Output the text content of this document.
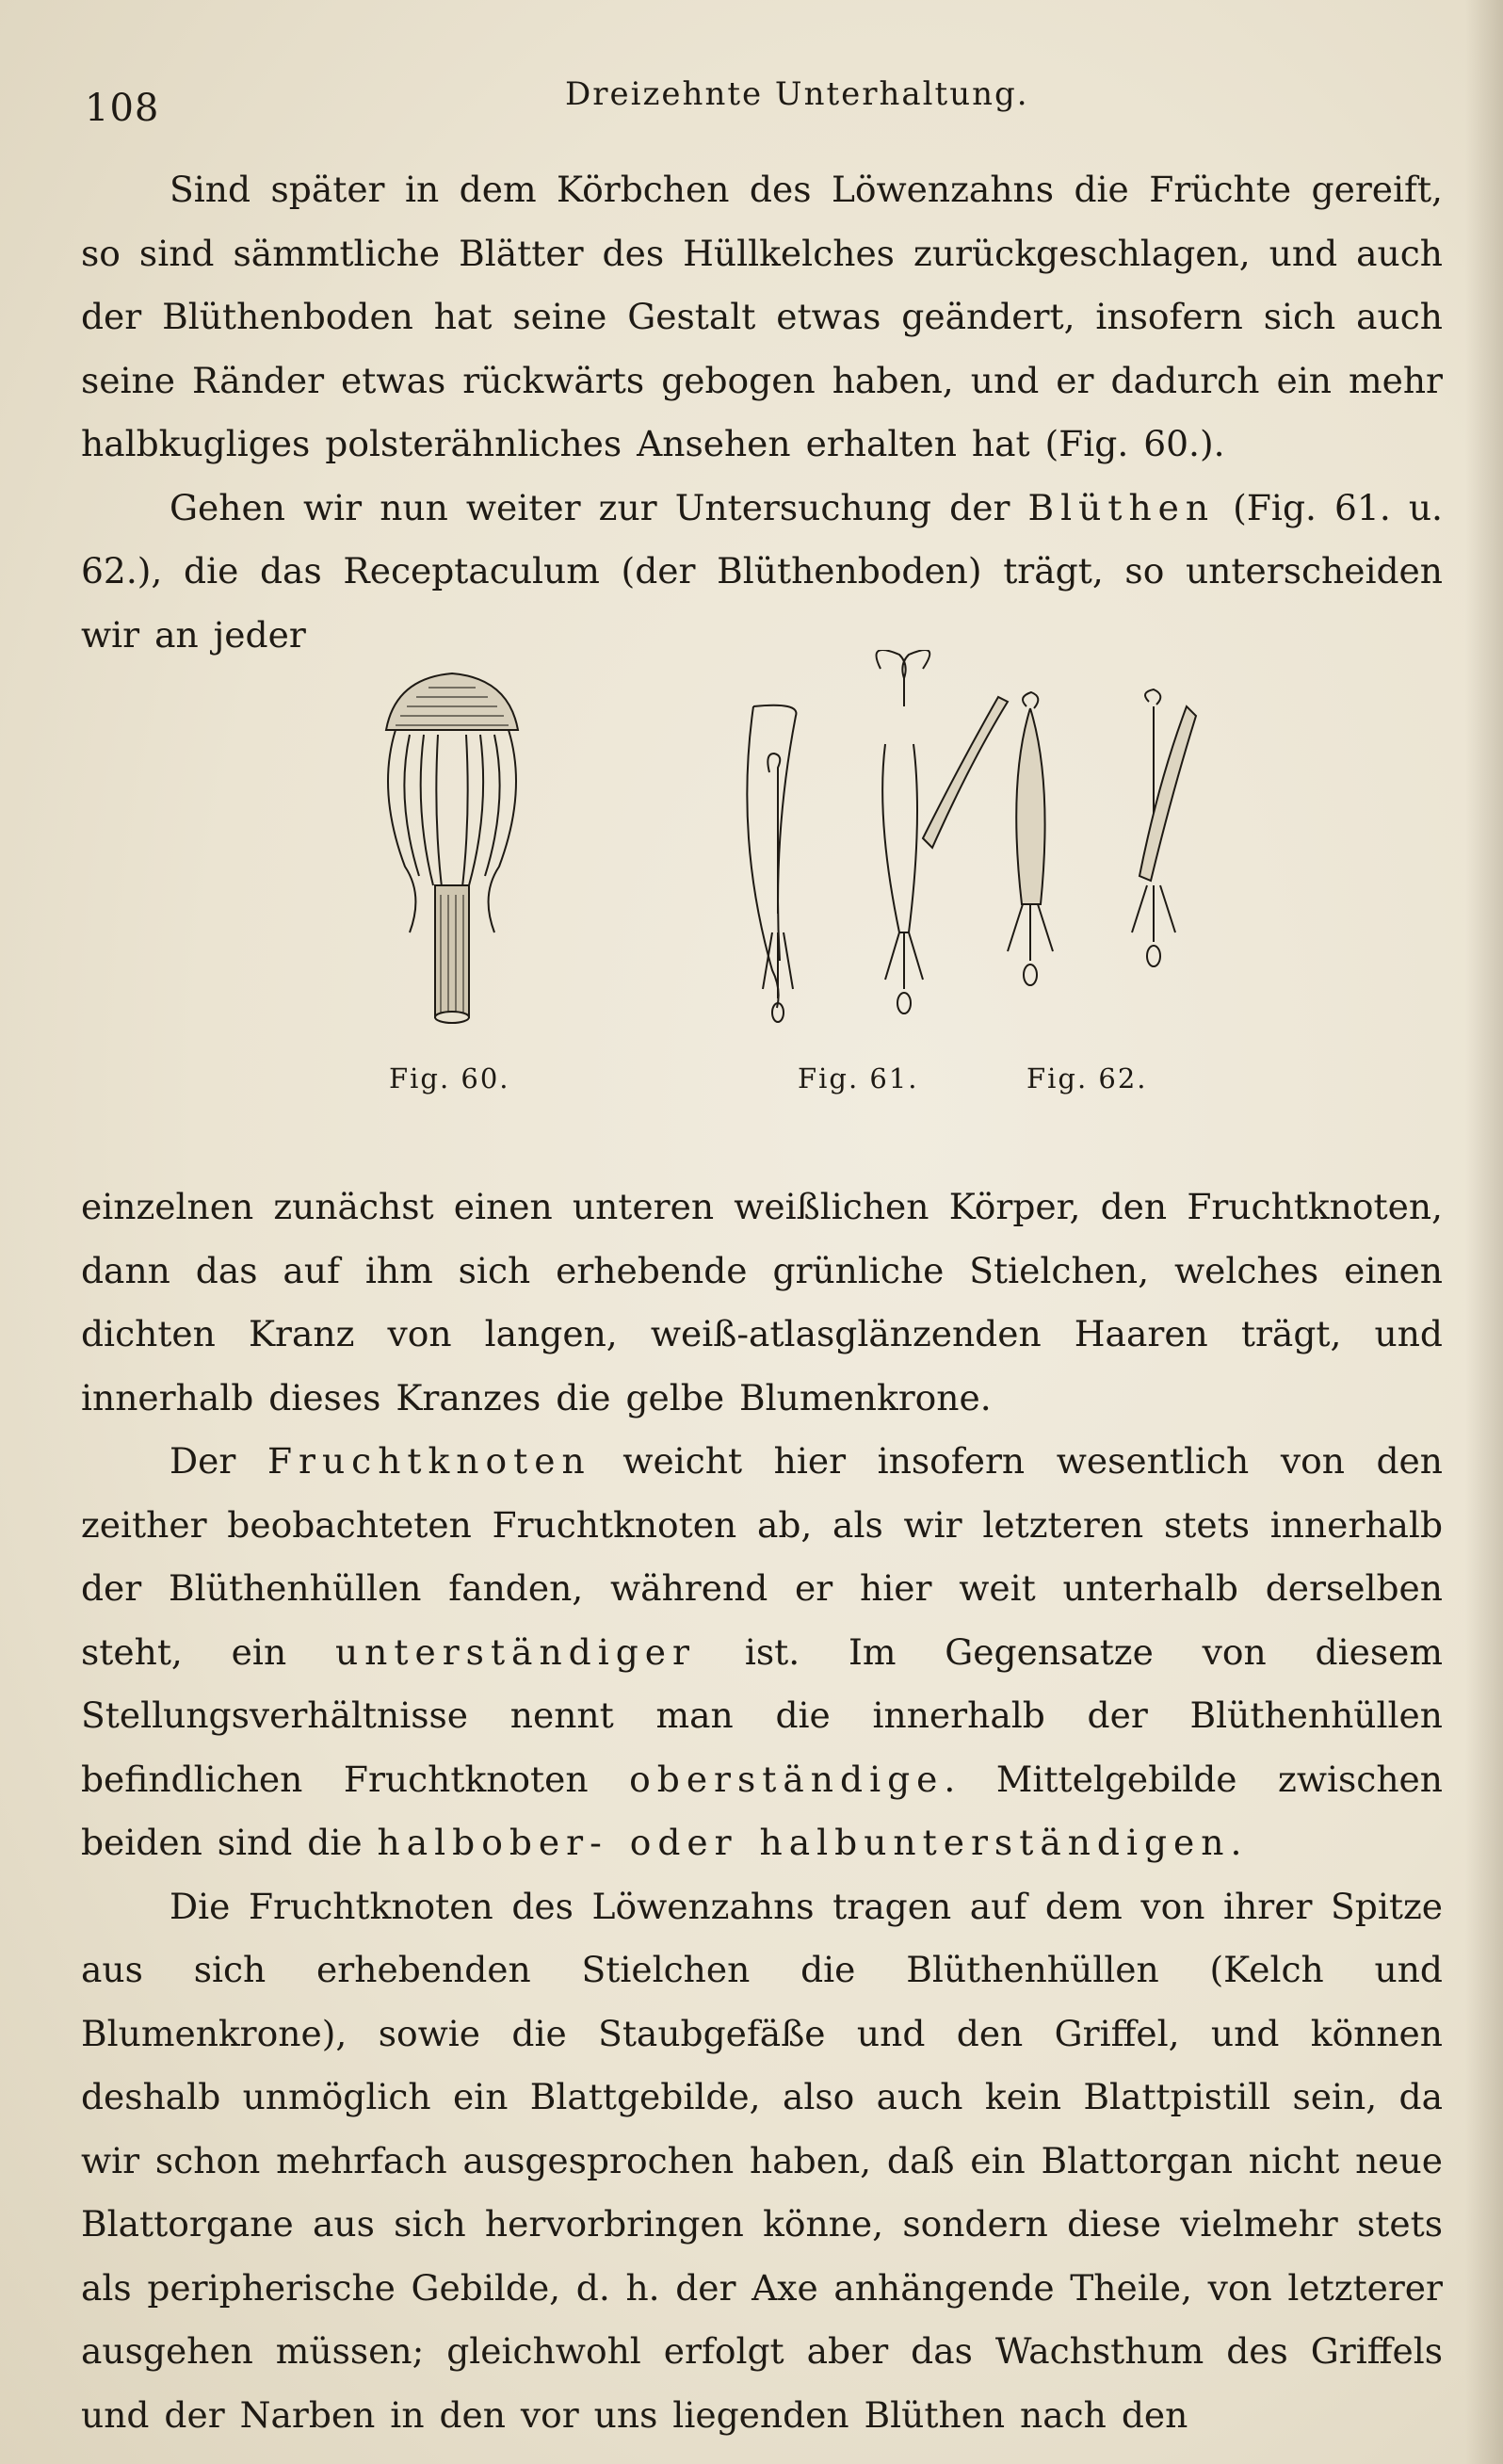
108	Dreizehnte Unterhaltung.

Sind später in dem Körbchen des Löwenzahns die Früchte gereift, so sind sämmtliche Blätter des Hüllkelches zurückgeschlagen, und auch der Blüthenboden hat seine Gestalt etwas geändert, insofern sich auch seine Ränder etwas rückwärts gebogen haben, und er dadurch ein mehr halbkugliges polsterähnliches Ansehen erhalten hat (Fig. 60.).

Gehen wir nun weiter zur Untersuchung der Blüthen (Fig. 61. u. 62.), die das Receptaculum (der Blüthenboden) trägt, so unterscheiden wir an jeder

Fig. 60.	Fig. 61.	Fig. 62.

einzelnen zunächst einen unteren weißlichen Körper, den Fruchtknoten, dann das auf ihm sich erhebende grünliche Stielchen, welches einen dichten Kranz von langen, weiß-atlasglänzenden Haaren trägt, und innerhalb dieses Kranzes die gelbe Blumenkrone.

Der Fruchtknoten weicht hier insofern wesentlich von den zeither beobachteten Fruchtknoten ab, als wir letzteren stets innerhalb der Blüthenhüllen fanden, während er hier weit unterhalb derselben steht, ein unterständiger ist. Im Gegensatze von diesem Stellungsverhältnisse nennt man die innerhalb der Blüthenhüllen befindlichen Fruchtknoten oberständige. Mittelgebilde zwischen beiden sind die halbober- oder halbunterständigen.

Die Fruchtknoten des Löwenzahns tragen auf dem von ihrer Spitze aus sich erhebenden Stielchen die Blüthenhüllen (Kelch und Blumenkrone), sowie die Staubgefäße und den Griffel, und können deshalb unmöglich ein Blattgebilde, also auch kein Blattpistill sein, da wir schon mehrfach ausgesprochen haben, daß ein Blattorgan nicht neue Blattorgane aus sich hervorbringen könne, sondern diese vielmehr stets als peripherische Gebilde, d. h. der Axe anhängende Theile, von letzterer ausgehen müssen; gleichwohl erfolgt aber das Wachsthum des Griffels und der Narben in den vor uns liegenden Blüthen nach den
